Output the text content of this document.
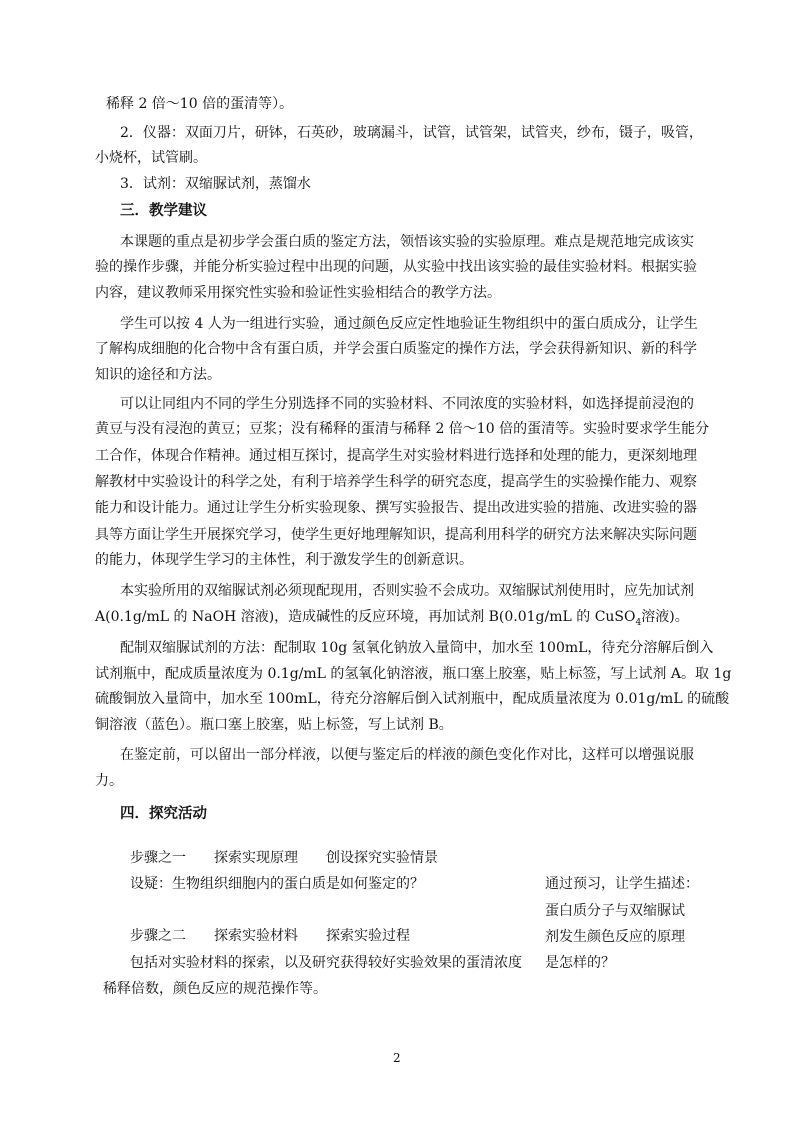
稀释 2 倍～10 倍的蛋清等）。
2．仪器：双面刀片，研钵，石英砂，玻璃漏斗，试管，试管架，试管夹，纱布，镊子，吸管，
小烧杯，试管刷。
3．试剂：双缩脲试剂，蒸馏水
三．教学建议
本课题的重点是初步学会蛋白质的鉴定方法，领悟该实验的实验原理。难点是规范地完成该实
验的操作步骤，并能分析实验过程中出现的问题，从实验中找出该实验的最佳实验材料。根据实验
内容，建议教师采用探究性实验和验证性实验相结合的教学方法。
学生可以按 4 人为一组进行实验，通过颜色反应定性地验证生物组织中的蛋白质成分，让学生
了解构成细胞的化合物中含有蛋白质，并学会蛋白质鉴定的操作方法，学会获得新知识、新的科学
知识的途径和方法。
可以让同组内不同的学生分别选择不同的实验材料、不同浓度的实验材料，如选择提前浸泡的
黄豆与没有浸泡的黄豆；豆浆；没有稀释的蛋清与稀释 2 倍～10 倍的蛋清等。实验时要求学生能分
工合作，体现合作精神。通过相互探讨，提高学生对实验材料进行选择和处理的能力，更深刻地理
解教材中实验设计的科学之处，有利于培养学生科学的研究态度，提高学生的实验操作能力、观察
能力和设计能力。通过让学生分析实验现象、撰写实验报告、提出改进实验的措施、改进实验的器
具等方面让学生开展探究学习，使学生更好地理解知识，提高利用科学的研究方法来解决实际问题
的能力，体现学生学习的主体性，利于激发学生的创新意识。
本实验所用的双缩脲试剂必须现配现用，否则实验不会成功。双缩脲试剂使用时，应先加试剂
A(0.1g/mL 的 NaOH 溶液)，造成碱性的反应环境，再加试剂 B(0.01g/mL 的 CuSO$_4$溶液)。
配制双缩脲试剂的方法：配制取 10g 氢氧化钠放入量筒中，加水至 100mL，待充分溶解后倒入
试剂瓶中，配成质量浓度为 0.1g/mL 的氢氧化钠溶液，瓶口塞上胶塞，贴上标签，写上试剂 A。取 1g
硫酸铜放入量筒中，加水至 100mL，待充分溶解后倒入试剂瓶中，配成质量浓度为 0.01g/mL 的硫酸
铜溶液（蓝色）。瓶口塞上胶塞，贴上标签，写上试剂 B。
在鉴定前，可以留出一部分样液，以便与鉴定后的样液的颜色变化作对比，这样可以增强说服
力。
四．探究活动
步骤之一　　探索实现原理　　创设探究实验情景
设疑：生物组织细胞内的蛋白质是如何鉴定的？
步骤之二　　探索实验材料　　探索实验过程
包括对实验材料的探索，以及研究获得较好实验效果的蛋清浓度
稀释倍数，颜色反应的规范操作等。
通过预习，让学生描述：
蛋白质分子与双缩脲试
剂发生颜色反应的原理
是怎样的？
2
